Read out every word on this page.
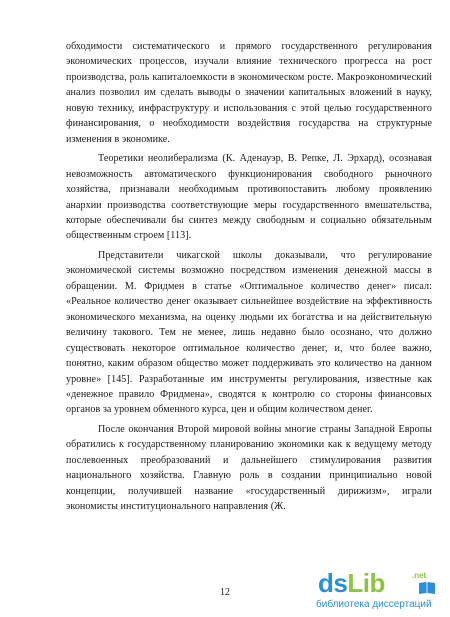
обходимости систематического и прямого государственного регулирования экономических процессов, изучали влияние технического прогресса на рост производства, роль капиталоемкости в экономическом росте. Макроэкономический анализ позволил им сделать выводы о значении капитальных вложений в науку, новую технику, инфраструктуру и использования с этой целью государственного финансирования, о необходимости воздействия государства на структурные изменения в экономике.

Теоретики неолиберализма (К. Аденауэр, В. Репке, Л. Эрхард), осознавая невозможность автоматического функционирования свободного рыночного хозяйства, признавали необходимым противопоставить любому проявлению анархии производства соответствующие меры государственного вмешательства, которые обеспечивали бы синтез между свободным и социально обязательным общественным строем [113].

Представители чикагской школы доказывали, что регулирование экономической системы возможно посредством изменения денежной массы в обращении. М. Фридмен в статье «Оптимальное количество денег» писал: «Реальное количество денег оказывает сильнейшее воздействие на эффективность экономического механизма, на оценку людьми их богатства и на действительную величину такового. Тем не менее, лишь недавно было осознано, что должно существовать некоторое оптимальное количество денег, и, что более важно, понятно, каким образом общество может поддерживать это количество на данном уровне» [145]. Разработанные им инструменты регулирования, известные как «денежное правило Фридмена», сводятся к контролю со стороны финансовых органов за уровнем обменного курса, цен и общим количеством денег.

После окончания Второй мировой войны многие страны Западной Европы обратились к государственному планированию экономики как к ведущему методу послевоенных преобразований и дальнейшего стимулирования развития национального хозяйства. Главную роль в создании принципиально новой концепции, получившей название «государственный дирижизм», играли экономисты институционального направления (Ж.

12	dsLib	.net
библиотека диссертаций
